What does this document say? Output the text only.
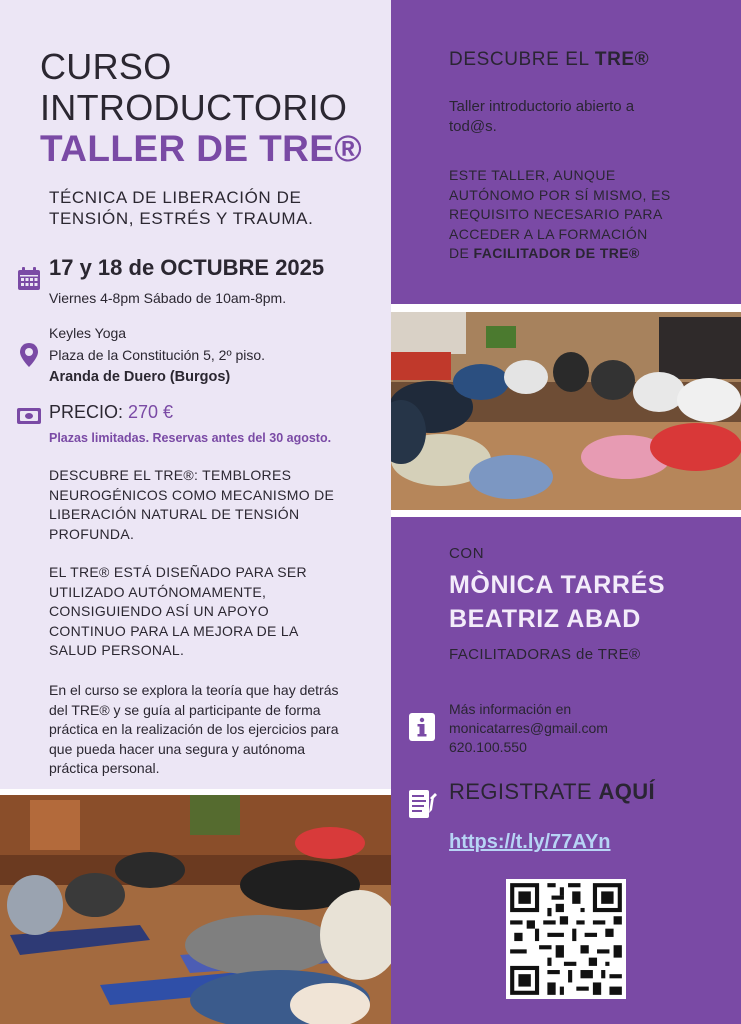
CURSO
INTRODUCTORIO
TALLER DE TRE®
TÉCNICA DE LIBERACIÓN DE
TENSIÓN, ESTRÉS Y TRAUMA.
17 y 18 de OCTUBRE 2025
Viernes 4-8pm Sábado de 10am-8pm.
Keyles Yoga
Plaza de la Constitución 5, 2º piso.
Aranda de Duero (Burgos)
PRECIO: 270 €
Plazas limitadas. Reservas antes del 30 agosto.
DESCUBRE EL TRE®: TEMBLORES
NEUROGÉNICOS COMO MECANISMO DE
LIBERACIÓN NATURAL DE TENSIÓN
PROFUNDA.
EL TRE® ESTÁ DISEÑADO PARA SER
UTILIZADO AUTÓNOMAMENTE,
CONSIGUIENDO ASÍ UN APOYO
CONTINUO PARA LA MEJORA DE LA
SALUD PERSONAL.
En el curso se explora la teoría que hay detrás
del TRE® y se guía al participante de forma
práctica en la realización de los ejercicios para
que pueda hacer una segura y autónoma
práctica personal.
DESCUBRE EL TRE®
Taller introductorio abierto a
tod@s.
ESTE TALLER, AUNQUE
AUTÓNOMO POR SÍ MISMO, ES
REQUISITO NECESARIO PARA
ACCEDER A LA FORMACIÓN
DE FACILITADOR DE TRE®
CON
MÒNICA TARRÉS
BEATRIZ ABAD
FACILITADORAS de TRE®
Más información en
monicatarres@gmail.com
620.100.550
REGISTRATE AQUÍ
https://t.ly/77AYn
